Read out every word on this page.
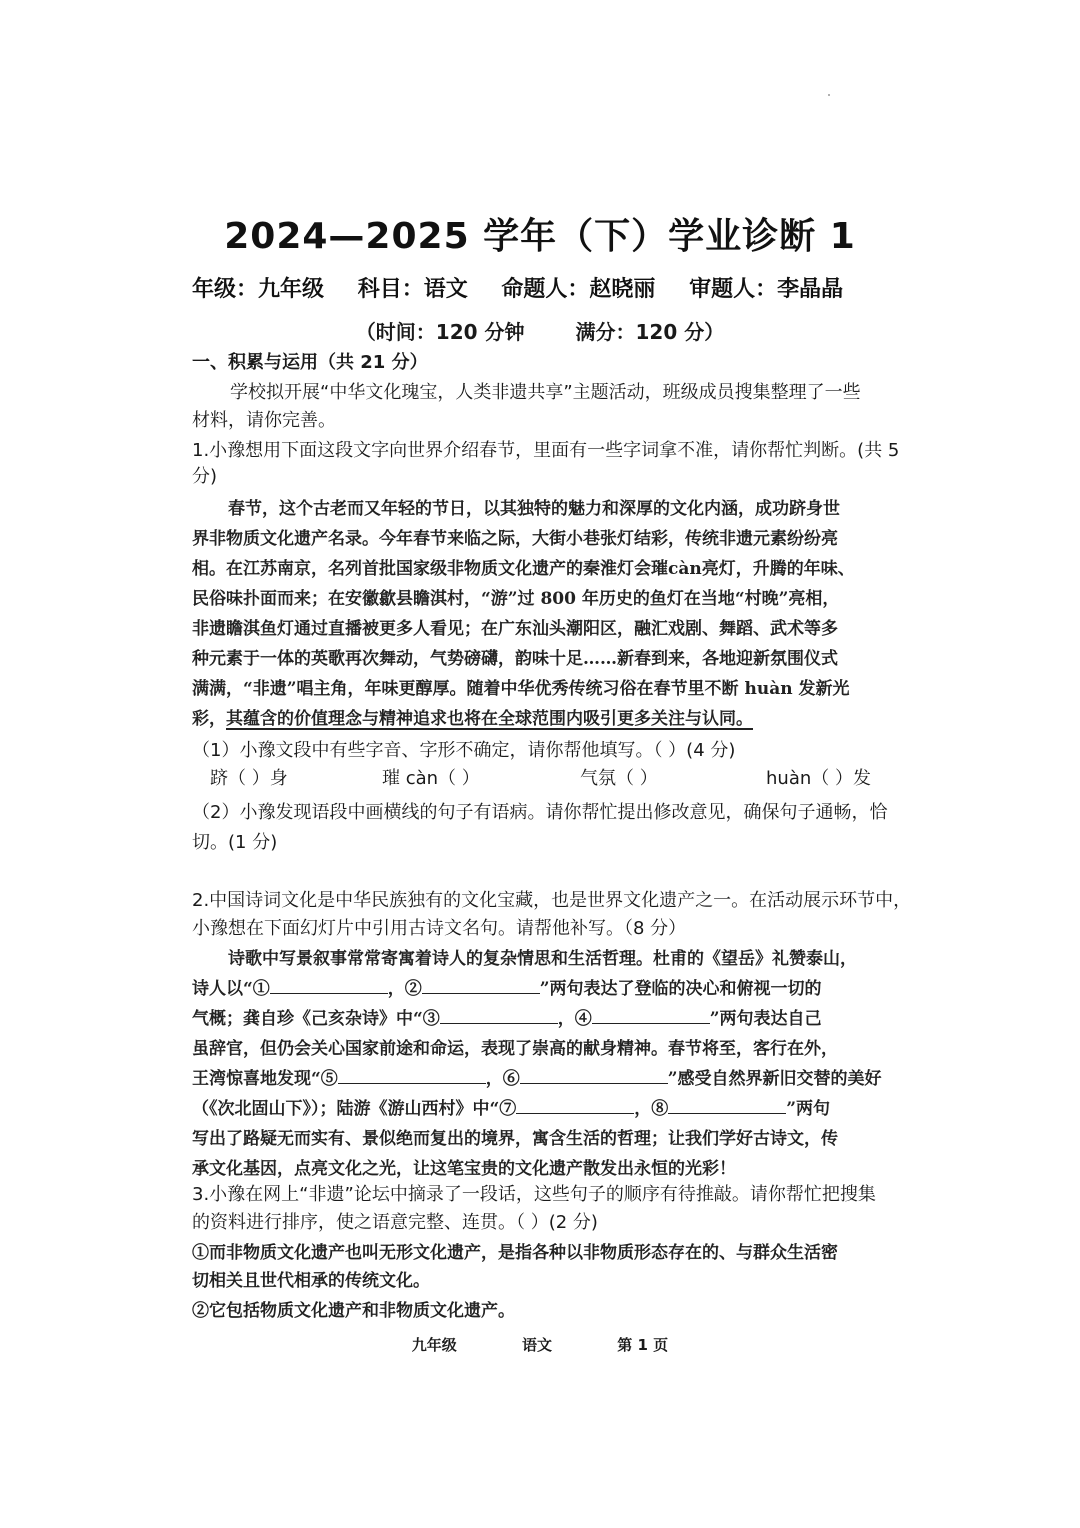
2024—2025 学年（下）学业诊断 1
年级：九年级 科目：语文 命题人：赵晓丽 审题人：李晶晶
（时间：120 分钟	满分：120 分）
一、积累与运用（共 21 分）
学校拟开展“中华文化瑰宝，人类非遗共享”主题活动，班级成员搜集整理了一些
材料，请你完善。
1.小豫想用下面这段文字向世界介绍春节，里面有一些字词拿不准，请你帮忙判断。(共 5
分)
春节，这个古老而又年轻的节日，以其独特的魅力和深厚的文化内涵，成功跻身世
界非物质文化遗产名录。今年春节来临之际，大街小巷张灯结彩，传统非遗元素纷纷亮
相。在江苏南京，名列首批国家级非物质文化遗产的秦淮灯会璀càn亮灯，升腾的年味、
民俗味扑面而来；在安徽歙县瞻淇村，“游”过 800 年历史的鱼灯在当地“村晚”亮相，
非遗瞻淇鱼灯通过直播被更多人看见；在广东汕头潮阳区，融汇戏剧、舞蹈、武术等多
种元素于一体的英歌再次舞动，气势磅礴，韵味十足……新春到来，各地迎新氛围仪式
满满，“非遗”唱主角，年味更醇厚。随着中华优秀传统习俗在春节里不断 huàn 发新光
彩，其蕴含的价值理念与精神追求也将在全球范围内吸引更多关注与认同。
（1）小豫文段中有些字音、字形不确定，请你帮他填写。（ ）(4 分)
跻（ ）身	璀 càn（ ）	气氛（ ）	huàn（ ）发
（2）小豫发现语段中画横线的句子有语病。请你帮忙提出修改意见，确保句子通畅，恰
切。(1 分)
2.中国诗词文化是中华民族独有的文化宝藏，也是世界文化遗产之一。在活动展示环节中，
小豫想在下面幻灯片中引用古诗文名句。请帮他补写。（8 分）
诗歌中写景叙事常常寄寓着诗人的复杂情思和生活哲理。杜甫的《望岳》礼赞泰山，
诗人以“①	，②	”两句表达了登临的决心和俯视一切的
气概；龚自珍《己亥杂诗》中“③	，④	”两句表达自己
虽辞官，但仍会关心国家前途和命运，表现了崇高的献身精神。春节将至，客行在外，
王湾惊喜地发现“⑤	，⑥	”感受自然界新旧交替的美好
（《次北固山下》）；陆游《游山西村》中“⑦	，⑧	”两句
写出了路疑无而实有、景似绝而复出的境界，寓含生活的哲理；让我们学好古诗文，传
承文化基因，点亮文化之光，让这笔宝贵的文化遗产散发出永恒的光彩！
3.小豫在网上“非遗”论坛中摘录了一段话，这些句子的顺序有待推敲。请你帮忙把搜集
的资料进行排序，使之语意完整、连贯。（ ）(2 分)
①而非物质文化遗产也叫无形文化遗产，是指各种以非物质形态存在的、与群众生活密
切相关且世代相承的传统文化。
②它包括物质文化遗产和非物质文化遗产。
九年级	语文	第 1 页
